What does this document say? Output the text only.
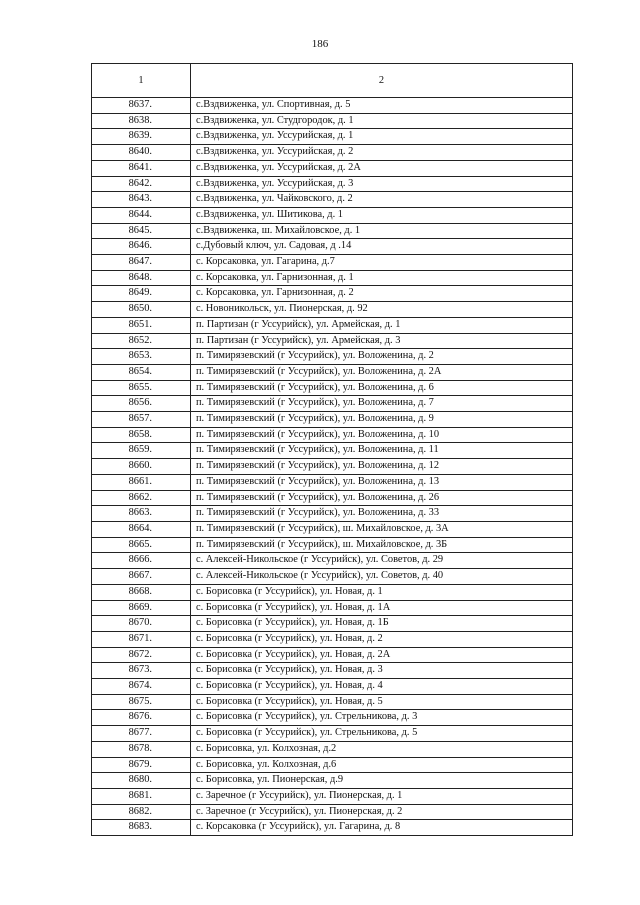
186
1	2
8637.	с.Вздвиженка, ул. Спортивная, д. 5
8638.	с.Вздвиженка, ул. Студгородок, д. 1
8639.	с.Вздвиженка, ул. Уссурийская, д. 1
8640.	с.Вздвиженка, ул. Уссурийская, д. 2
8641.	с.Вздвиженка, ул. Уссурийская, д. 2А
8642.	с.Вздвиженка, ул. Уссурийская, д. 3
8643.	с.Вздвиженка, ул. Чайковского, д. 2
8644.	с.Вздвиженка, ул. Шитикова, д. 1
8645.	с.Вздвиженка, ш. Михайловское, д. 1
8646.	с.Дубовый ключ, ул. Садовая, д .14
8647.	с. Корсаковка, ул. Гагарина, д.7
8648.	с. Корсаковка, ул. Гарнизонная, д. 1
8649.	с. Корсаковка, ул. Гарнизонная, д. 2
8650.	с. Новоникольск, ул. Пионерская, д. 92
8651.	п. Партизан (г Уссурийск), ул. Армейская, д. 1
8652.	п. Партизан (г Уссурийск), ул. Армейская, д. 3
8653.	п. Тимирязевский (г Уссурийск), ул. Воложенина, д. 2
8654.	п. Тимирязевский (г Уссурийск), ул. Воложенина, д. 2А
8655.	п. Тимирязевский (г Уссурийск), ул. Воложенина, д. 6
8656.	п. Тимирязевский (г Уссурийск), ул. Воложенина, д. 7
8657.	п. Тимирязевский (г Уссурийск), ул. Воложенина, д. 9
8658.	п. Тимирязевский (г Уссурийск), ул. Воложенина, д. 10
8659.	п. Тимирязевский (г Уссурийск), ул. Воложенина, д. 11
8660.	п. Тимирязевский (г Уссурийск), ул. Воложенина, д. 12
8661.	п. Тимирязевский (г Уссурийск), ул. Воложенина, д. 13
8662.	п. Тимирязевский (г Уссурийск), ул. Воложенина, д. 26
8663.	п. Тимирязевский (г Уссурийск), ул. Воложенина, д. 33
8664.	п. Тимирязевский (г Уссурийск), ш. Михайловское, д. 3А
8665.	п. Тимирязевский (г Уссурийск), ш. Михайловское, д. 3Б
8666.	с. Алексей-Никольское (г Уссурийск), ул. Советов, д. 29
8667.	с. Алексей-Никольское (г Уссурийск), ул. Советов, д. 40
8668.	с. Борисовка (г Уссурийск), ул. Новая, д. 1
8669.	с. Борисовка (г Уссурийск), ул. Новая, д. 1А
8670.	с. Борисовка (г Уссурийск), ул. Новая, д. 1Б
8671.	с. Борисовка (г Уссурийск), ул. Новая, д. 2
8672.	с. Борисовка (г Уссурийск), ул. Новая, д. 2А
8673.	с. Борисовка (г Уссурийск), ул. Новая, д. 3
8674.	с. Борисовка (г Уссурийск), ул. Новая, д. 4
8675.	с. Борисовка (г Уссурийск), ул. Новая, д. 5
8676.	с. Борисовка (г Уссурийск), ул. Стрельникова, д. 3
8677.	с. Борисовка (г Уссурийск), ул. Стрельникова, д. 5
8678.	с. Борисовка, ул. Колхозная, д.2
8679.	с. Борисовка, ул. Колхозная, д.6
8680.	с. Борисовка, ул. Пионерская, д.9
8681.	с. Заречное (г Уссурийск), ул. Пионерская, д. 1
8682.	с. Заречное (г Уссурийск), ул. Пионерская, д. 2
8683.	с. Корсаковка (г Уссурийск), ул. Гагарина, д. 8
